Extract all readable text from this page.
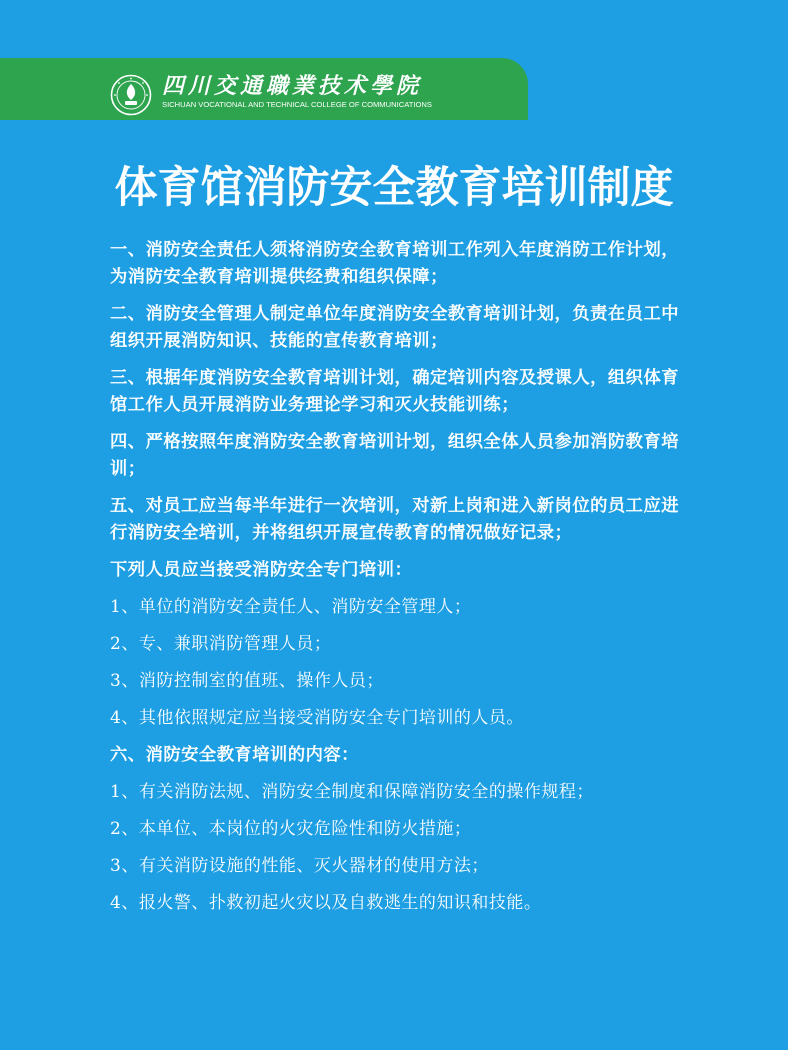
四川交通職業技术學院

SICHUAN VOCATIONAL AND TECHNICAL COLLEGE OF COMMUNICATIONS

体育馆消防安全教育培训制度

一、消防安全责任人须将消防安全教育培训工作列入年度消防工作计划，为消防安全教育培训提供经费和组织保障；

二、消防安全管理人制定单位年度消防安全教育培训计划，负责在员工中组织开展消防知识、技能的宣传教育培训；

三、根据年度消防安全教育培训计划，确定培训内容及授课人，组织体育馆工作人员开展消防业务理论学习和灭火技能训练；

四、严格按照年度消防安全教育培训计划，组织全体人员参加消防教育培训；

五、对员工应当每半年进行一次培训，对新上岗和进入新岗位的员工应进行消防安全培训，并将组织开展宣传教育的情况做好记录；

下列人员应当接受消防安全专门培训：

1、单位的消防安全责任人、消防安全管理人；

2、专、兼职消防管理人员；

3、消防控制室的值班、操作人员；

4、其他依照规定应当接受消防安全专门培训的人员。

六、消防安全教育培训的内容：

1、有关消防法规、消防安全制度和保障消防安全的操作规程；

2、本单位、本岗位的火灾危险性和防火措施；

3、有关消防设施的性能、灭火器材的使用方法；

4、报火警、扑救初起火灾以及自救逃生的知识和技能。
